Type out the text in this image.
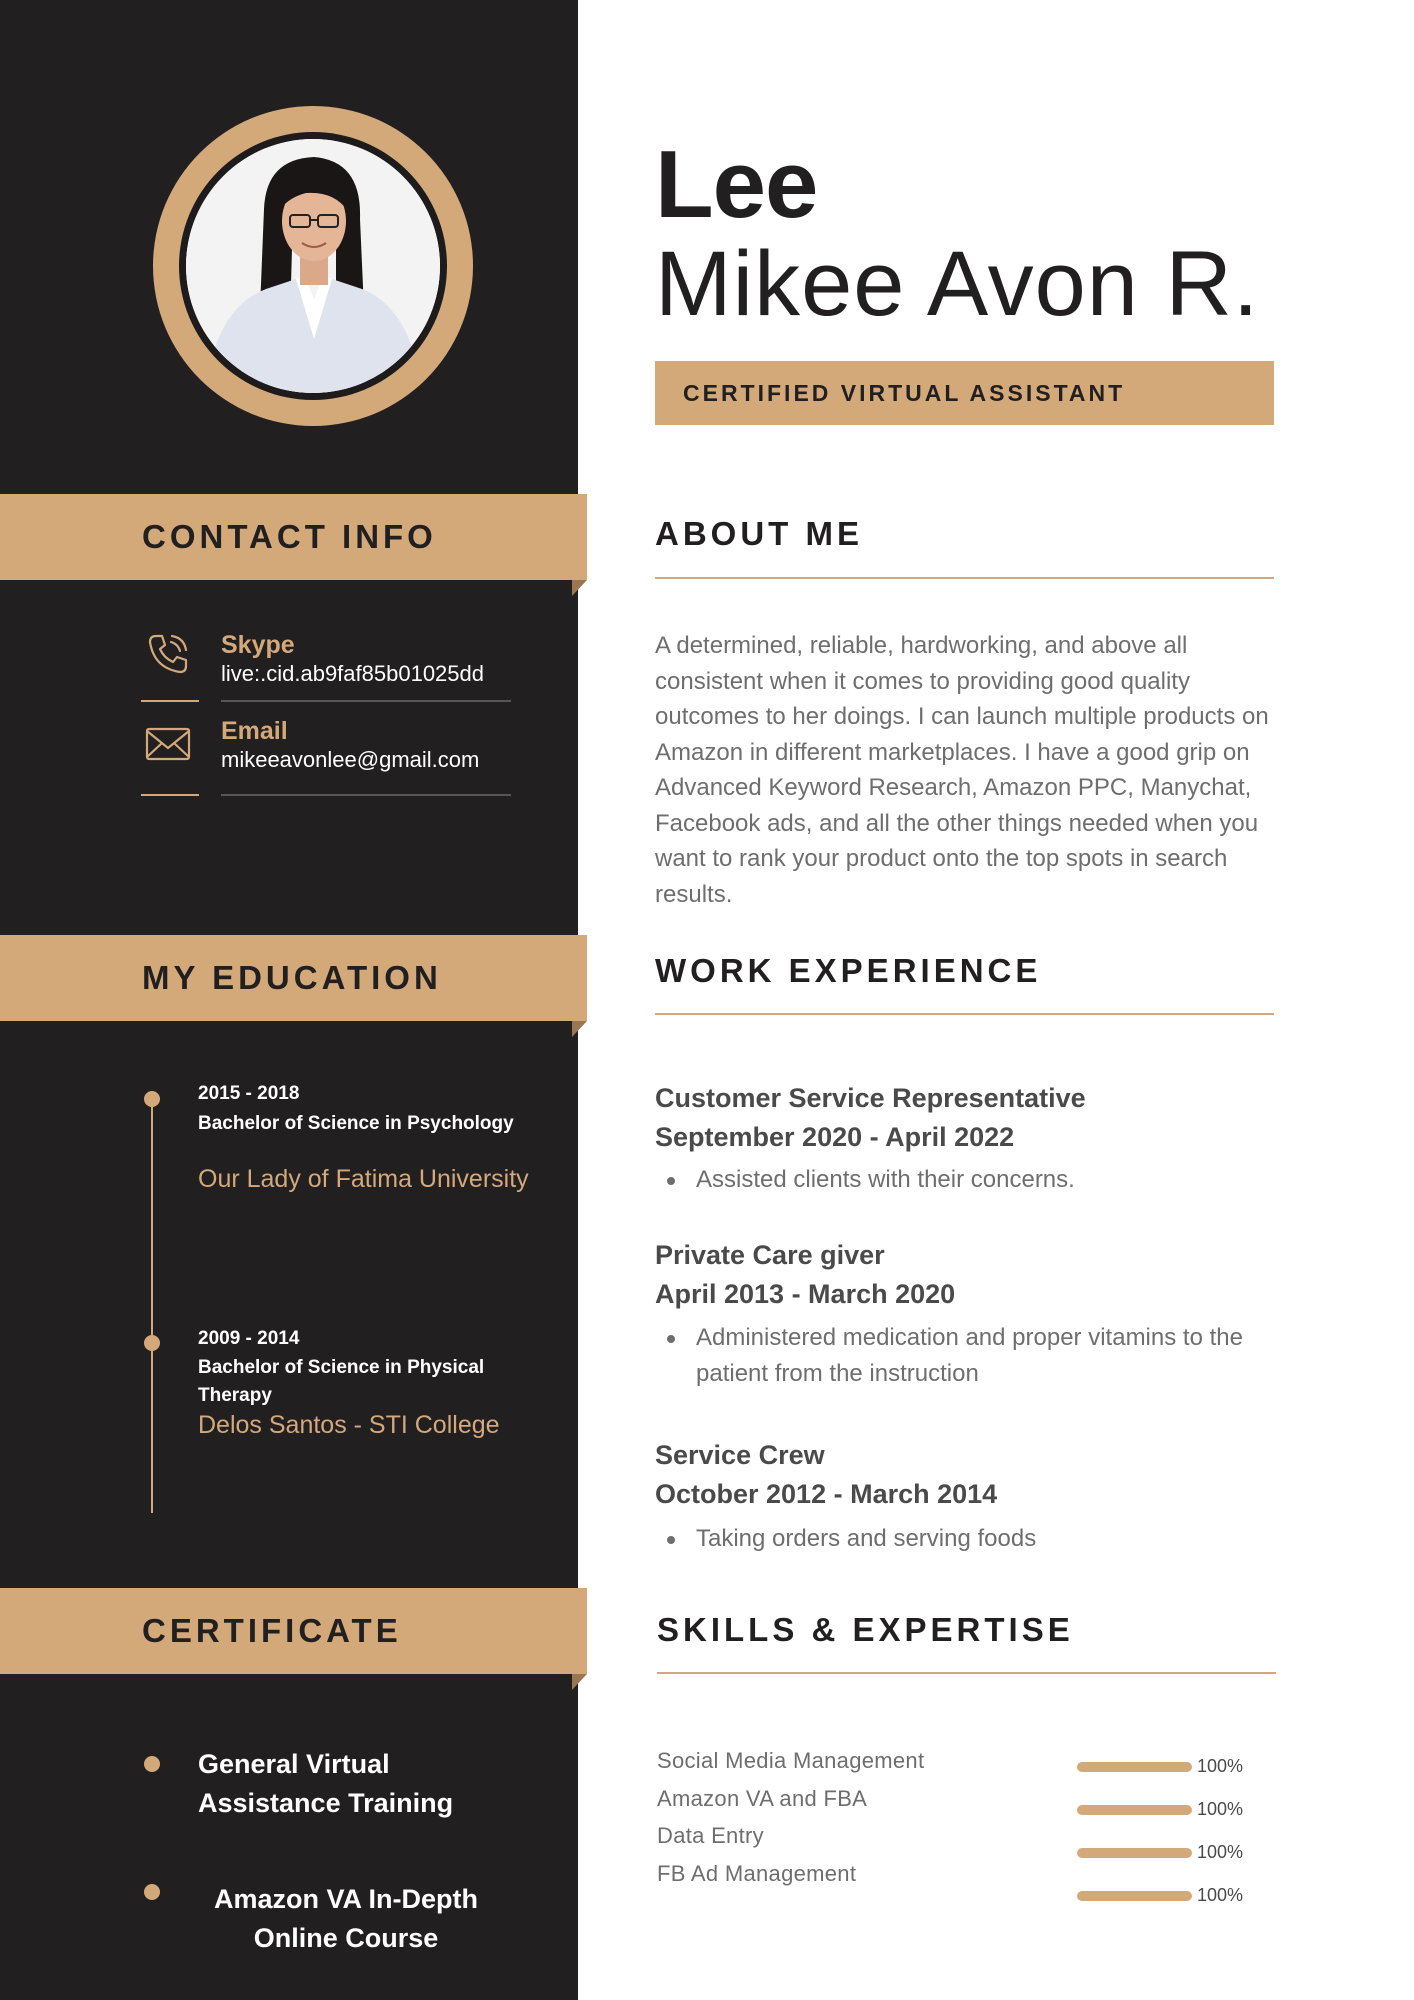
CONTACT INFO
Skype
live:.cid.ab9faf85b01025dd
Email
mikeeavonlee@gmail.com
MY EDUCATION
2015 - 2018
Bachelor of Science in Psychology
Our Lady of Fatima University
2009 - 2014
Bachelor of Science in Physical Therapy
Delos Santos - STI College
CERTIFICATE
General Virtual Assistance Training
Amazon VA In-Depth Online Course
Lee
Mikee Avon R.
CERTIFIED VIRTUAL ASSISTANT
ABOUT ME
A determined, reliable, hardworking, and above all consistent when it comes to providing good quality outcomes to her doings. I can launch multiple products on Amazon in different marketplaces. I have a good grip on Advanced Keyword Research, Amazon PPC, Manychat, Facebook ads, and all the other things needed when you want to rank your product onto the top spots in search results.
WORK EXPERIENCE
Customer Service Representative
September 2020 - April 2022
Assisted clients with their concerns.
Private Care giver
April 2013 - March 2020
Administered medication and proper vitamins to the patient from the instruction
Service Crew
October 2012 - March 2014
Taking orders and serving foods
SKILLS & EXPERTISE
Social Media Management
Amazon VA and FBA
Data Entry
FB Ad Management
100%
100%
100%
100%
